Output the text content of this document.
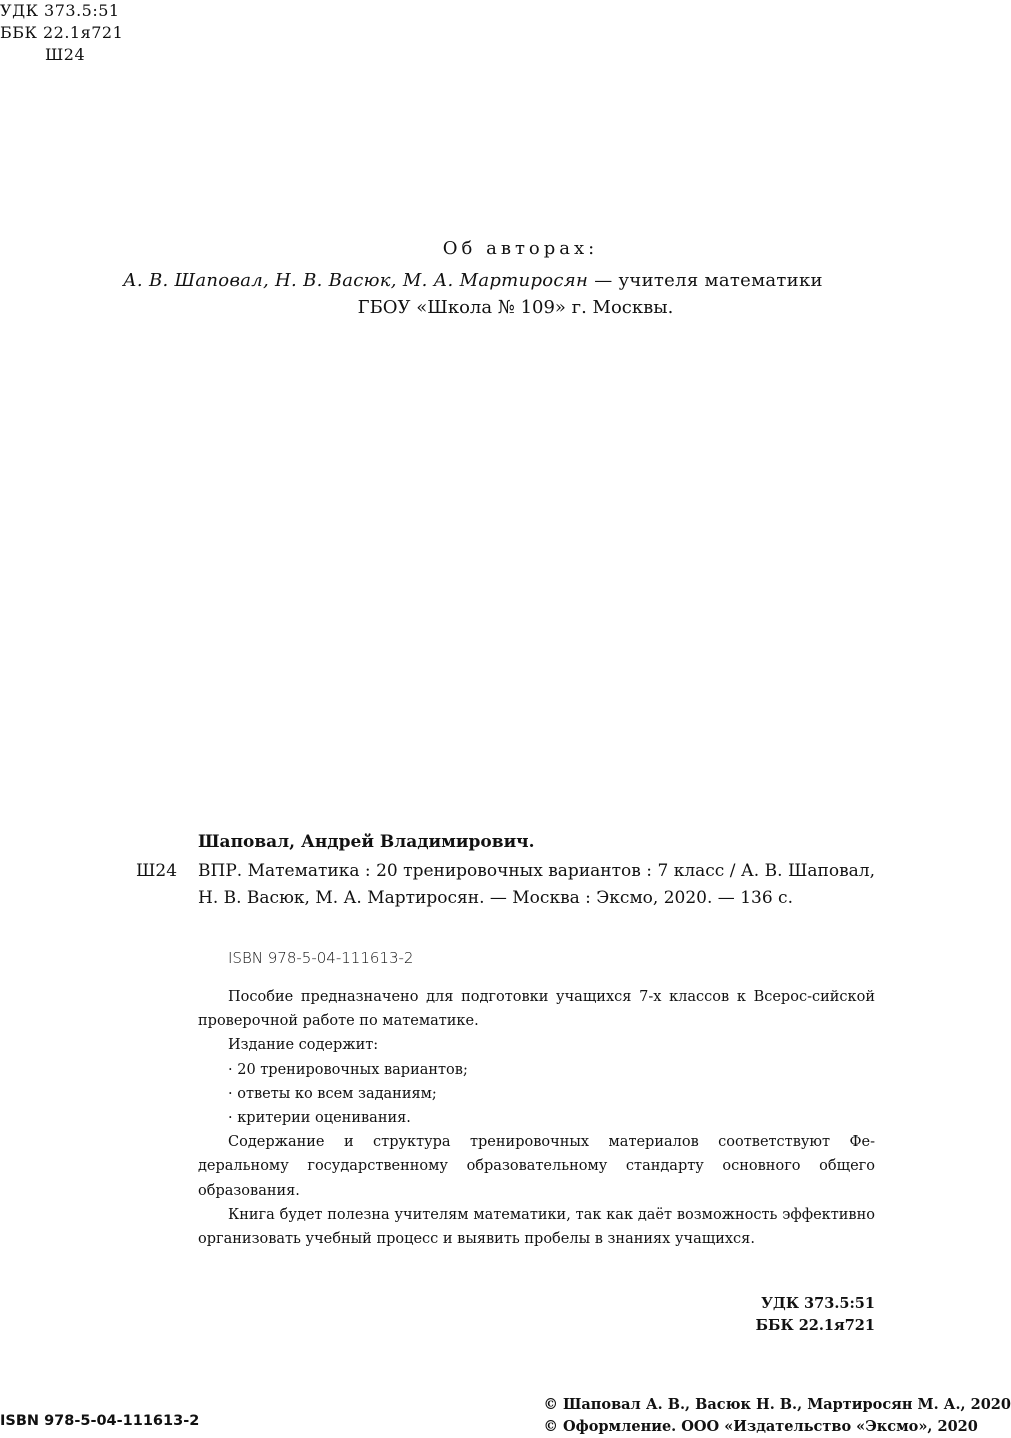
УДК 373.5:51
ББК 22.1я721
Ш24
Об авторах:
А. В. Шаповал, Н. В. Васюк, М. А. Мартиросян — учителя математики
ГБОУ «Школа № 109» г. Москвы.
Шаповал, Андрей Владимирович.
Ш24 ВПР. Математика : 20 тренировочных вариантов : 7 класс / А. В. Шаповал, Н. В. Васюк, М. А. Мартиросян. — Москва : Эксмо, 2020. — 136 с.
ISBN 978-5-04-111613-2

Пособие предназначено для подготовки учащихся 7-х классов к Всерос-сийской проверочной работе по математике.

Издание содержит:

· 20 тренировочных вариантов;

· ответы ко всем заданиям;

· критерии оценивания.

Содержание и структура тренировочных материалов соответствуют Фе-деральному государственному образовательному стандарту основного общего образования.

Книга будет полезна учителям математики, так как даёт возможность эффективно организовать учебный процесс и выявить пробелы в знаниях учащихся.

УДК 373.5:51
ББК 22.1я721
© Шаповал А. В., Васюк Н. В., Мартиросян М. А., 2020
© Оформление. ООО «Издательство «Эксмо», 2020
ISBN 978-5-04-111613-2
